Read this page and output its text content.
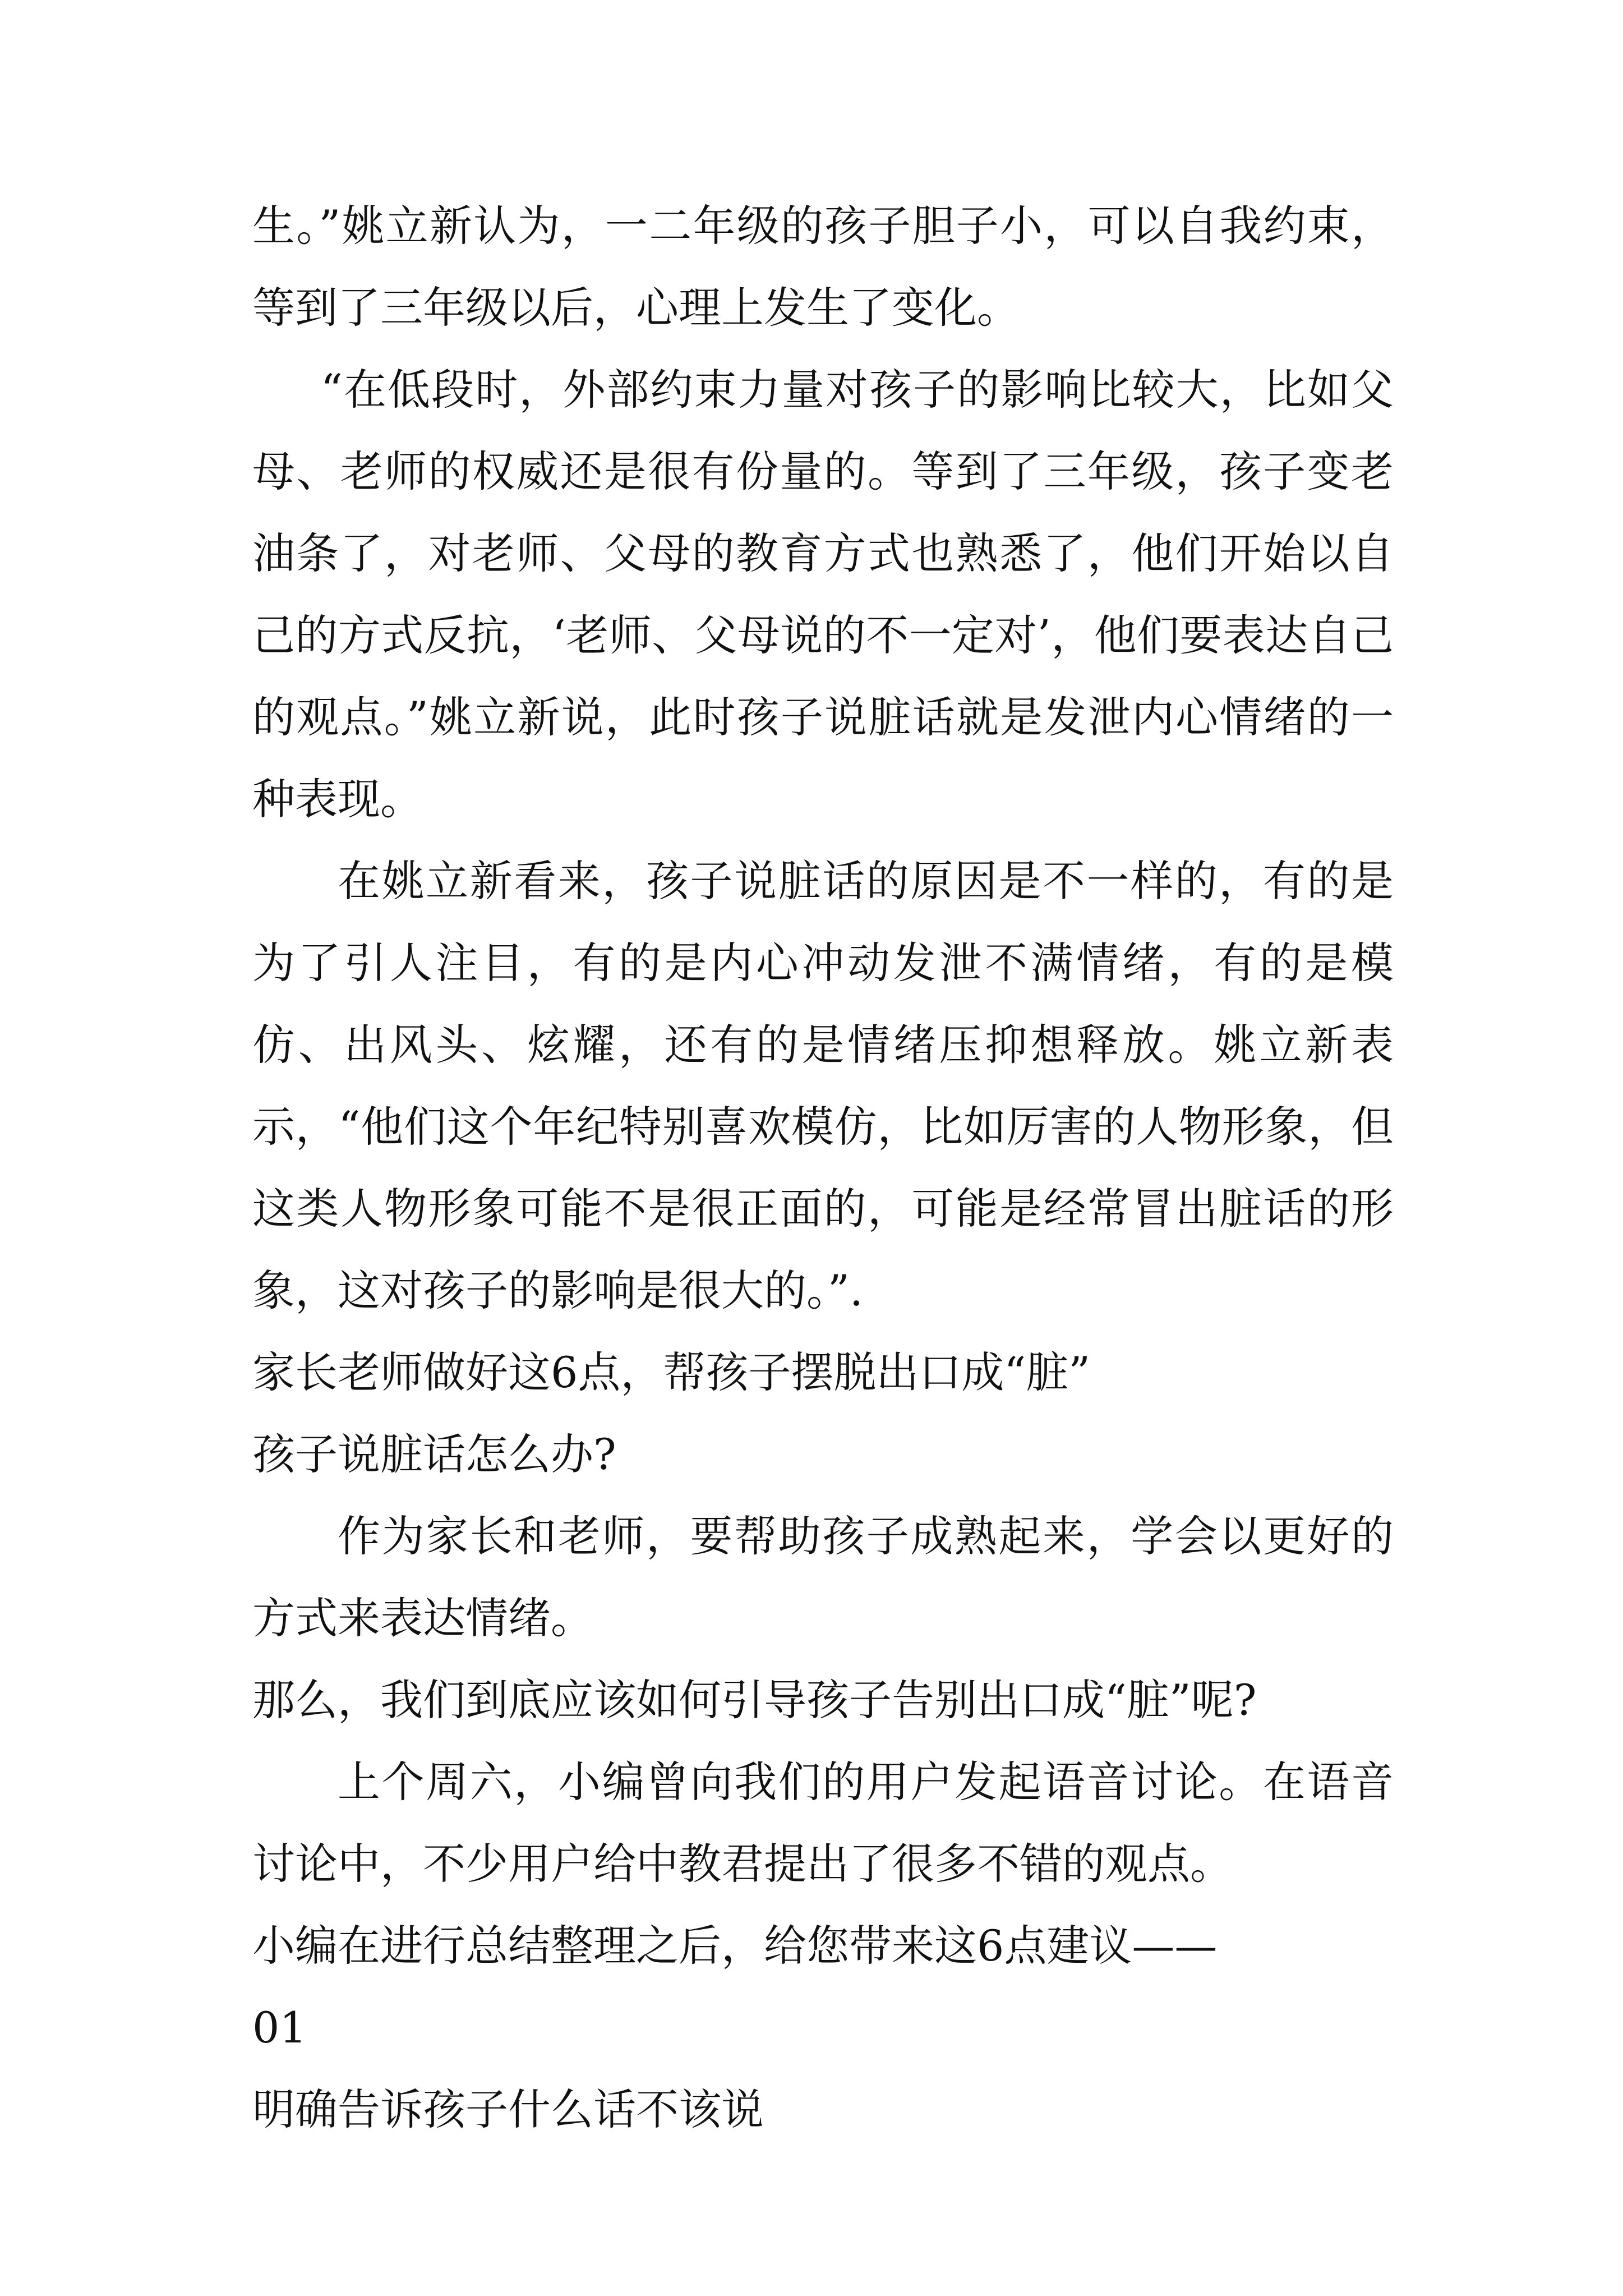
生。”姚立新认为，一二年级的孩子胆子小，可以自我约束，等到了三年级以后，心理上发生了变化。

“在低段时，外部约束力量对孩子的影响比较大，比如父母、老师的权威还是很有份量的。等到了三年级，孩子变老油条了，对老师、父母的教育方式也熟悉了，他们开始以自己的方式反抗，‘老师、父母说的不一定对’，他们要表达自己的观点。”姚立新说，此时孩子说脏话就是发泄内心情绪的一种表现。

在姚立新看来，孩子说脏话的原因是不一样的，有的是为了引人注目，有的是内心冲动发泄不满情绪，有的是模仿、出风头、炫耀，还有的是情绪压抑想释放。姚立新表示，“他们这个年纪特别喜欢模仿，比如厉害的人物形象，但这类人物形象可能不是很正面的，可能是经常冒出脏话的形象，这对孩子的影响是很大的。”.

家长老师做好这6点，帮孩子摆脱出口成“脏”

孩子说脏话怎么办?

作为家长和老师，要帮助孩子成熟起来，学会以更好的方式来表达情绪。

那么，我们到底应该如何引导孩子告别出口成“脏”呢?

上个周六，小编曾向我们的用户发起语音讨论。在语音讨论中，不少用户给中教君提出了很多不错的观点。

小编在进行总结整理之后，给您带来这6点建议——

01

明确告诉孩子什么话不该说
